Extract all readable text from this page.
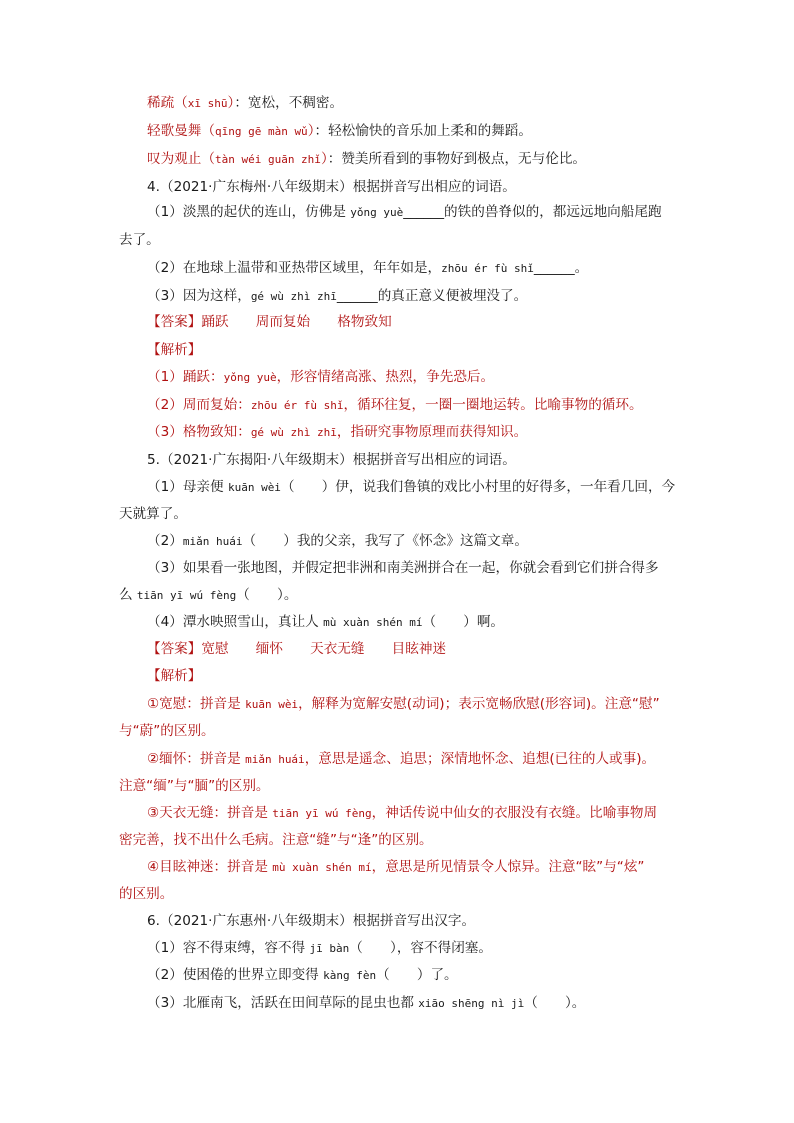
稀疏（xī shū）：宽松，不稠密。
轻歌曼舞（qīng gē màn wǔ）：轻松愉快的音乐加上柔和的舞蹈。
叹为观止（tàn wéi guān zhǐ）：赞美所看到的事物好到极点，无与伦比。
4.（2021·广东梅州·八年级期末）根据拼音写出相应的词语。
（1）淡黑的起伏的连山，仿佛是 yǒng yuè______的铁的兽脊似的，都远远地向船尾跑
去了。
（2）在地球上温带和亚热带区域里，年年如是，zhōu ér fù shǐ______。
（3）因为这样，gé wù zhì zhī______的真正意义便被埋没了。
【答案】踊跃　　周而复始　　格物致知
【解析】
（1）踊跃：yǒng yuè，形容情绪高涨、热烈，争先恐后。
（2）周而复始：zhōu ér fù shǐ，循环往复，一圈一圈地运转。比喻事物的循环。
（3）格物致知：gé wù zhì zhī，指研究事物原理而获得知识。
5.（2021·广东揭阳·八年级期末）根据拼音写出相应的词语。
（1）母亲便 kuān wèi（　　）伊，说我们鲁镇的戏比小村里的好得多，一年看几回，今
天就算了。
（2）miǎn huái（　　）我的父亲，我写了《怀念》这篇文章。
（3）如果看一张地图，并假定把非洲和南美洲拼合在一起，你就会看到它们拼合得多
么 tiān yī wú fèng（　　）。
（4）潭水映照雪山，真让人 mù xuàn shén mí（　　）啊。
【答案】宽慰　　缅怀　　天衣无缝　　目眩神迷
【解析】
①宽慰：拼音是 kuān wèi，解释为宽解安慰(动词)；表示宽畅欣慰(形容词)。注意“慰”
与“蔚”的区别。
②缅怀：拼音是 miǎn huái，意思是遥念、追思；深情地怀念、追想(已往的人或事)。
注意“缅”与“腼”的区别。
③天衣无缝：拼音是 tiān yī wú fèng，神话传说中仙女的衣服没有衣缝。比喻事物周
密完善，找不出什么毛病。注意“缝”与“逢”的区别。
④目眩神迷：拼音是 mù xuàn shén mí，意思是所见情景令人惊异。注意“眩”与“炫”
的区别。
6.（2021·广东惠州·八年级期末）根据拼音写出汉字。
（1）容不得束缚，容不得 jī bàn（　　），容不得闭塞。
（2）使困倦的世界立即变得 kàng fèn（　　）了。
（3）北雁南飞，活跃在田间草际的昆虫也都 xiāo shēng nì jì（　　）。
